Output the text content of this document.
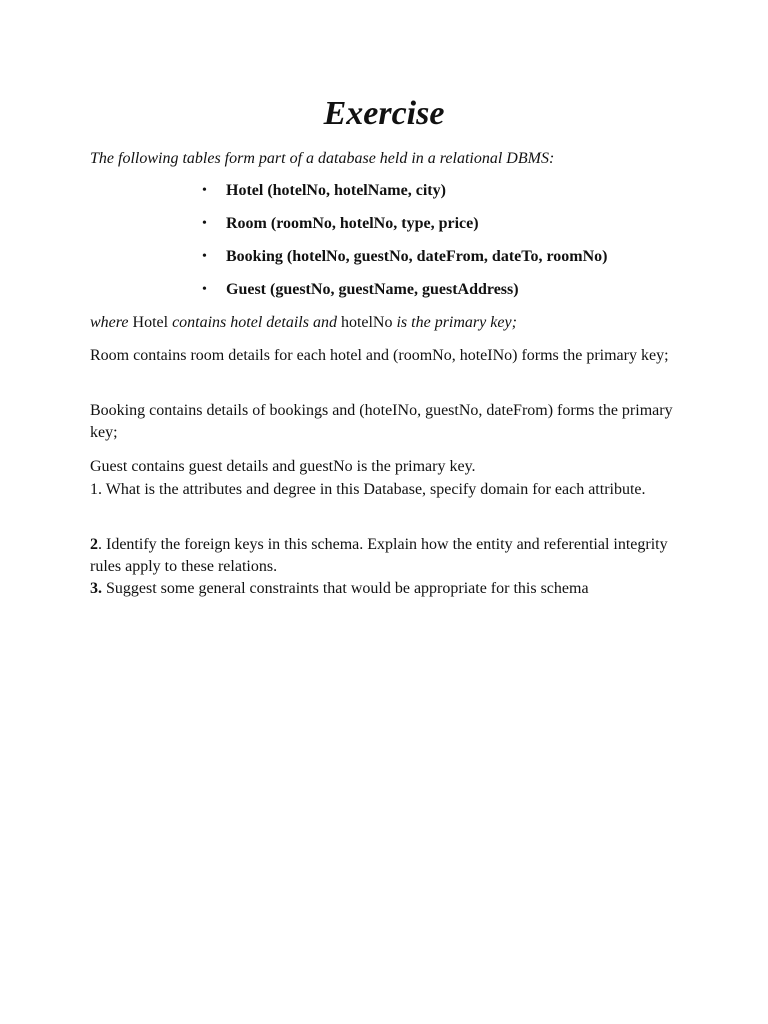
Exercise
The following tables form part of a database held in a relational DBMS:
• Hotel (hotelNo, hotelName, city)
• Room (roomNo, hotelNo, type, price)
• Booking (hotelNo, guestNo, dateFrom, dateTo, roomNo)
• Guest (guestNo, guestName, guestAddress)
where Hotel contains hotel details and hotelNo is the primary key;
Room contains room details for each hotel and (roomNo, hoteINo) forms the primary key;
Booking contains details of bookings and (hoteINo, guestNo, dateFrom) forms the primary key;
Guest contains guest details and guestNo is the primary key.
1. What is the attributes and degree in this Database, specify domain for each attribute.
2. Identify the foreign keys in this schema. Explain how the entity and referential integrity rules apply to these relations.
3. Suggest some general constraints that would be appropriate for this schema
